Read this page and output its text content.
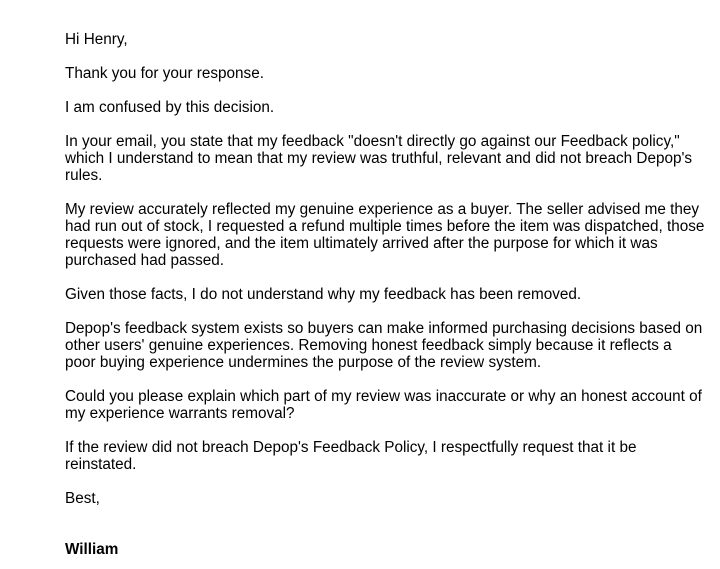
Hi Henry,

Thank you for your response.

I am confused by this decision.

In your email, you state that my feedback "doesn't directly go against our Feedback policy," which I understand to mean that my review was truthful, relevant and did not breach Depop's rules.

My review accurately reflected my genuine experience as a buyer. The seller advised me they had run out of stock, I requested a refund multiple times before the item was dispatched, those requests were ignored, and the item ultimately arrived after the purpose for which it was purchased had passed.

Given those facts, I do not understand why my feedback has been removed.

Depop's feedback system exists so buyers can make informed purchasing decisions based on other users' genuine experiences. Removing honest feedback simply because it reflects a poor buying experience undermines the purpose of the review system.

Could you please explain which part of my review was inaccurate or why an honest account of my experience warrants removal?

If the review did not breach Depop's Feedback Policy, I respectfully request that it be reinstated.

Best,

William
